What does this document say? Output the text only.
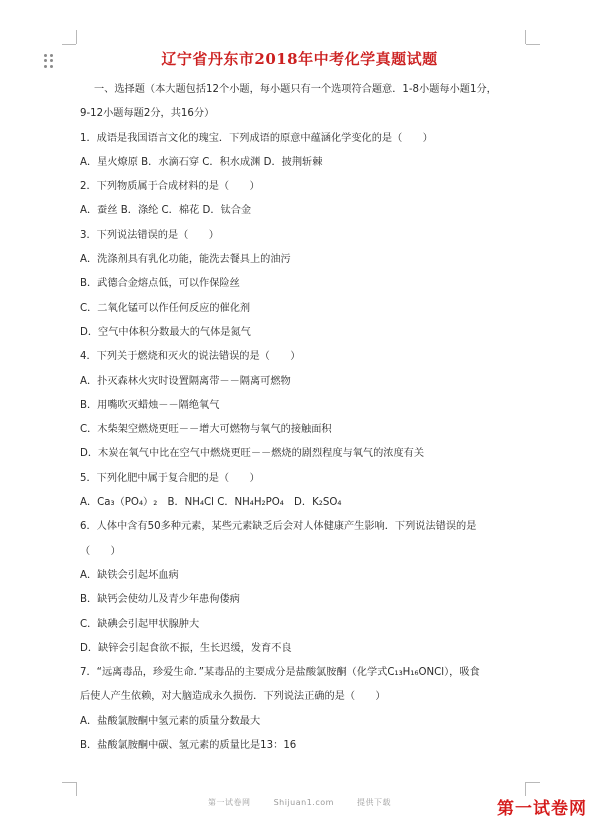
辽宁省丹东市2018年中考化学真题试题
一、选择题（本大题包括12个小题，每小题只有一个选项符合题意．1-8小题每小题1分，
9-12小题每题2分，共16分）
1．成语是我国语言文化的瑰宝．下列成语的原意中蕴涵化学变化的是（　　）
A．星火燎原 B．水滴石穿 C．积水成渊 D．披荆斩棘
2．下列物质属于合成材料的是（　　）
A．蚕丝 B．涤纶 C．棉花 D．钛合金
3．下列说法错误的是（　　）
A．洗涤剂具有乳化功能，能洗去餐具上的油污
B．武德合金熔点低，可以作保险丝
C．二氧化锰可以作任何反应的催化剂
D．空气中体积分数最大的气体是氮气
4．下列关于燃烧和灭火的说法错误的是（　　）
A．扑灭森林火灾时设置隔离带－－隔离可燃物
B．用嘴吹灭蜡烛－－隔绝氧气
C．木柴架空燃烧更旺－－增大可燃物与氧气的接触面积
D．木炭在氧气中比在空气中燃烧更旺－－燃烧的剧烈程度与氧气的浓度有关
5．下列化肥中属于复合肥的是（　　）
A．Ca₃（PO₄）₂　B．NH₄Cl C．NH₄H₂PO₄　D．K₂SO₄
6．人体中含有50多种元素，某些元素缺乏后会对人体健康产生影响．下列说法错误的是
（　　）
A．缺铁会引起坏血病
B．缺钙会使幼儿及青少年患佝偻病
C．缺碘会引起甲状腺肿大
D．缺锌会引起食欲不振，生长迟缓，发育不良
7．“远离毒品，珍爱生命．”某毒品的主要成分是盐酸氯胺酮（化学式C₁₃H₁₆ONCl），吸食
后使人产生依赖，对大脑造成永久损伤．下列说法正确的是（　　）
A．盐酸氯胺酮中氢元素的质量分数最大
B．盐酸氯胺酮中碳、氢元素的质量比是13：16
第一试卷网	Shijuan1.com	提供下载	第一试卷网
